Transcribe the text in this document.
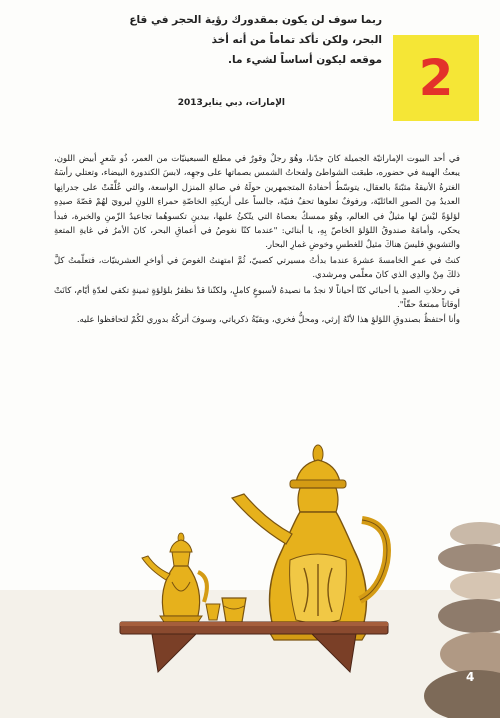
ربما سوف لن يكون بمقدورك رؤية الحجر في قاع البحر، ولكن تأكد تماماً من أنه أخذ

موقعه ليكون أساساً لشيء ما. 2
الإمارات، دبي يناير2013

في أحد البيوت الإماراتيّة الجميلة كانَ جدّنا، وهُوَ رجلٌ وقورٌ في مطلع السبعينيّات من العمر، ذُو شَعرٍ أبيض اللون، يبعثُ الهيبة في حضوره، طبعَت الشواطئ ولفحاتُ الشمس بصماتها على وجهِه، لابسَ الكندورة البيضاء، وتعتلي رأسَهُ الغترةُ الأنيقةُ مثبّتةً بالعقال، يتوسّطُ أحفادهُ المتجمهرين حولَهُ في صالةِ المنزل الواسعة، والتي عُلِّقَتْ على جدرانِها العديدُ مِنَ الصورِ العائليّة، ورفوفٌ تعلوها تحفٌ فنيّة، جالساً على أريكتِهِ الخاصّةِ حمراءِ اللونِ ليرويَ لهُمْ قصّةَ صيدِهِ لؤلؤةً ليْسَ لها مثيلٌ في العالم، وهُوَ ممسكٌ بعصاهُ التي يتّكئُ عليها، بيدينِ تكسوهُما تجاعيدُ الزّمنِ والخبرة، فبدأ يحكي، وأمامَهُ صندوقُ اللؤلؤ الخاصّ بِهِ، يا أبنائي: "عندما كنّا نغوصُ في أعماقِ البحر، كانَ الأمرُ في غايةِ المتعةِ والتشويقِ فليسَ هناكَ مثيلٌ للغطسِ وخوضِ غمارِ البحار.

كنتُ في عمرِ الخامسةَ عشرةَ عندما بدأتُ مسيرتي كصبيّ، ثُمَّ امتهنتُ الغوصَ في أواخرِ العشرينيّات، فتعلّمتُ كلَّ ذلكَ مِنْ والدِي الذي كانَ معلّمي ومرشدي.

في رحلاتِ الصيدِ يا أحبائي كنّا أحياناً لا نجدُ ما نصيدهُ لأسبوعٍ كاملٍ، ولكنّنا قدْ نظفرُ بلؤلؤةٍ ثمينةٍ تكفي لعدّةِ أيّام، كانَتْ أوقاتاً ممتعةً حقّاً".

وأنا أحتفظُ بصندوقِ اللؤلؤِ هذا لأنّهُ إرثي، ومحلُّ فخري، وبقيّةُ ذكرياتي، وسوفَ أتركُهُ بدوري لكُمْ لتحافظوا عليه.

4
